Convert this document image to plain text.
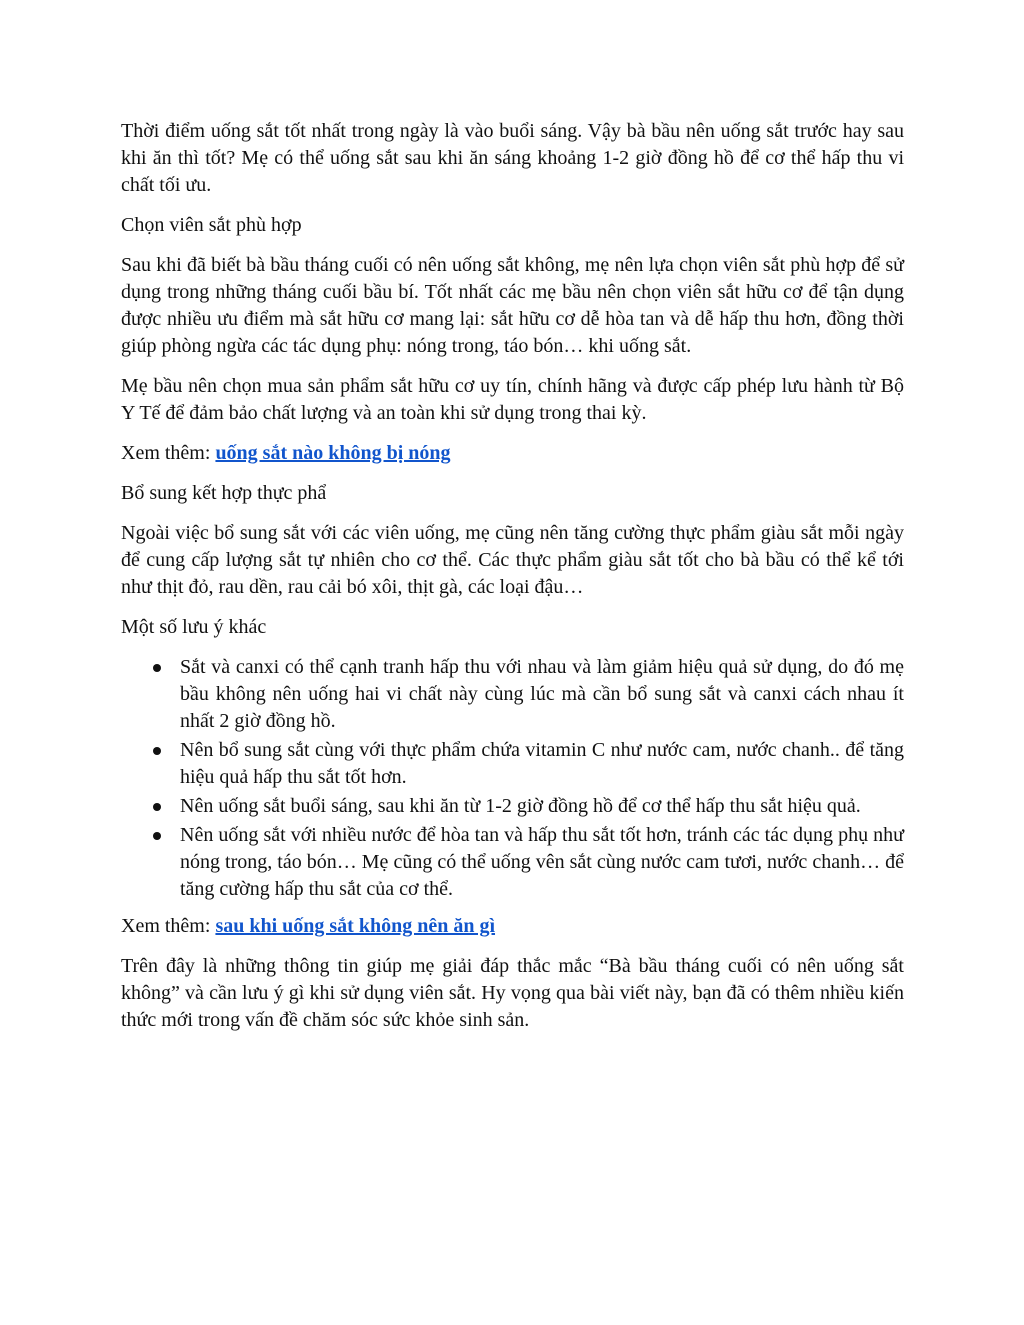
Thời điểm uống sắt tốt nhất trong ngày là vào buổi sáng. Vậy bà bầu nên uống sắt trước hay sau khi ăn thì tốt? Mẹ có thể uống sắt sau khi ăn sáng khoảng 1-2 giờ đồng hồ để cơ thể hấp thu vi chất tối ưu.

Chọn viên sắt phù hợp

Sau khi đã biết bà bầu tháng cuối có nên uống sắt không, mẹ nên lựa chọn viên sắt phù hợp để sử dụng trong những tháng cuối bầu bí. Tốt nhất các mẹ bầu nên chọn viên sắt hữu cơ để tận dụng được nhiều ưu điểm mà sắt hữu cơ mang lại: sắt hữu cơ dễ hòa tan và dễ hấp thu hơn, đồng thời giúp phòng ngừa các tác dụng phụ: nóng trong, táo bón… khi uống sắt.

Mẹ bầu nên chọn mua sản phẩm sắt hữu cơ uy tín, chính hãng và được cấp phép lưu hành từ Bộ Y Tế để đảm bảo chất lượng và an toàn khi sử dụng trong thai kỳ.

Xem thêm: uống sắt nào không bị nóng

Bổ sung kết hợp thực phẩ

Ngoài việc bổ sung sắt với các viên uống, mẹ cũng nên tăng cường thực phẩm giàu sắt mỗi ngày để cung cấp lượng sắt tự nhiên cho cơ thể. Các thực phẩm giàu sắt tốt cho bà bầu có thể kể tới như thịt đỏ, rau dền, rau cải bó xôi, thịt gà, các loại đậu…

Một số lưu ý khác

Sắt và canxi có thể cạnh tranh hấp thu với nhau và làm giảm hiệu quả sử dụng, do đó mẹ bầu không nên uống hai vi chất này cùng lúc mà cần bổ sung sắt và canxi cách nhau ít nhất 2 giờ đồng hồ.
Nên bổ sung sắt cùng với thực phẩm chứa vitamin C như nước cam, nước chanh.. để tăng hiệu quả hấp thu sắt tốt hơn.
Nên uống sắt buổi sáng, sau khi ăn từ 1-2 giờ đồng hồ để cơ thể hấp thu sắt hiệu quả.
Nên uống sắt với nhiều nước để hòa tan và hấp thu sắt tốt hơn, tránh các tác dụng phụ như nóng trong, táo bón… Mẹ cũng có thể uống vên sắt cùng nước cam tươi, nước chanh… để tăng cường hấp thu sắt của cơ thể.

Xem thêm: sau khi uống sắt không nên ăn gì

Trên đây là những thông tin giúp mẹ giải đáp thắc mắc “Bà bầu tháng cuối có nên uống sắt không” và cần lưu ý gì khi sử dụng viên sắt. Hy vọng qua bài viết này, bạn đã có thêm nhiều kiến thức mới trong vấn đề chăm sóc sức khỏe sinh sản.
